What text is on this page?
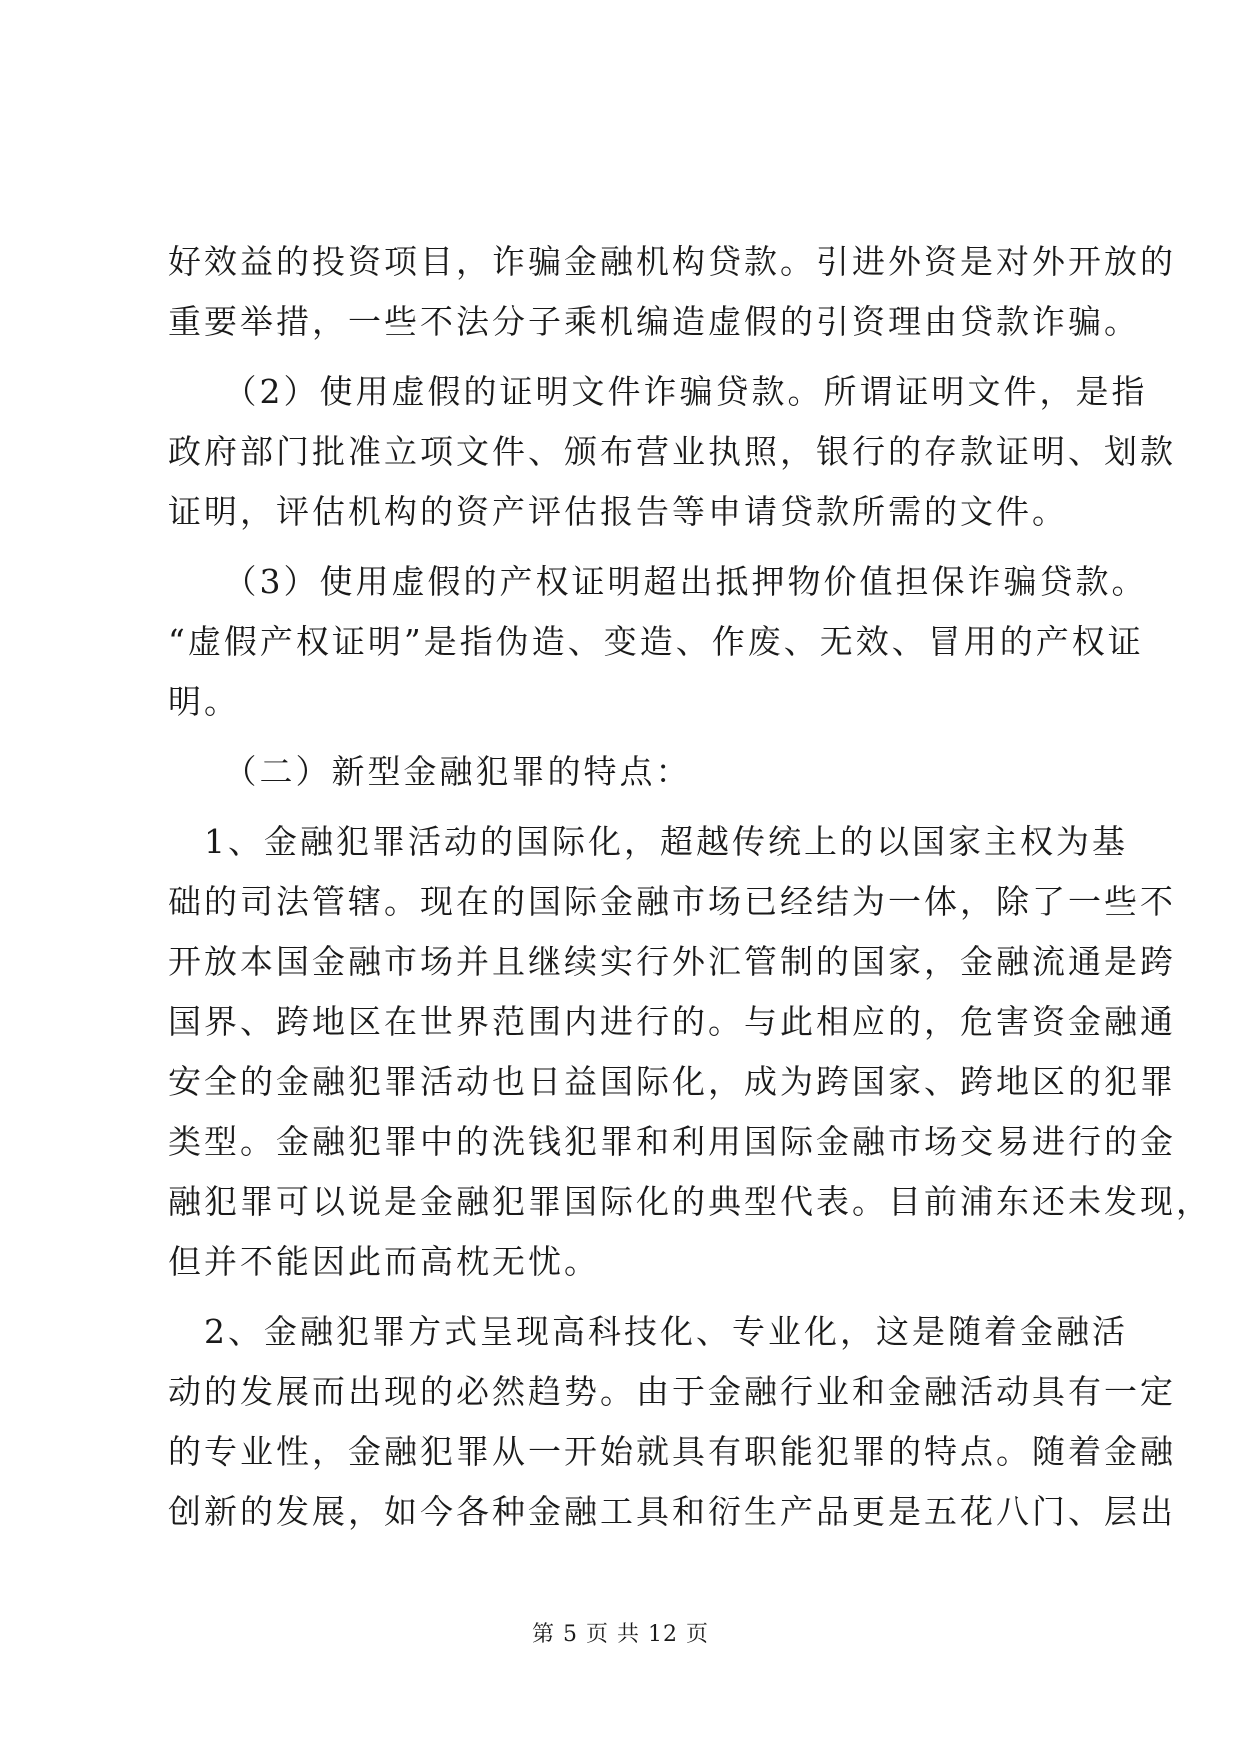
好效益的投资项目，诈骗金融机构贷款。引进外资是对外开放的
重要举措，一些不法分子乘机编造虚假的引资理由贷款诈骗。
　　（2）使用虚假的证明文件诈骗贷款。所谓证明文件，是指
政府部门批准立项文件、颁布营业执照，银行的存款证明、划款
证明，评估机构的资产评估报告等申请贷款所需的文件。
　　（3）使用虚假的产权证明超出抵押物价值担保诈骗贷款。
“虚假产权证明”是指伪造、变造、作废、无效、冒用的产权证
明。
　　（二）新型金融犯罪的特点：
　1、金融犯罪活动的国际化，超越传统上的以国家主权为基
础的司法管辖。现在的国际金融市场已经结为一体，除了一些不
开放本国金融市场并且继续实行外汇管制的国家，金融流通是跨
国界、跨地区在世界范围内进行的。与此相应的，危害资金融通
安全的金融犯罪活动也日益国际化，成为跨国家、跨地区的犯罪
类型。金融犯罪中的洗钱犯罪和利用国际金融市场交易进行的金
融犯罪可以说是金融犯罪国际化的典型代表。目前浦东还未发现，
但并不能因此而高枕无忧。
　2、金融犯罪方式呈现高科技化、专业化，这是随着金融活
动的发展而出现的必然趋势。由于金融行业和金融活动具有一定
的专业性，金融犯罪从一开始就具有职能犯罪的特点。随着金融
创新的发展，如今各种金融工具和衍生产品更是五花八门、层出
第 5 页 共 12 页
